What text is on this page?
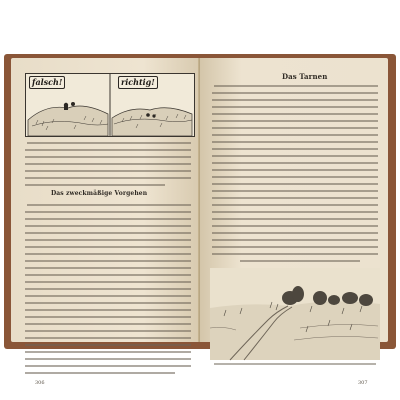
falsch!	richtig!
Das zweckmäßige Vorgehen
306
Das Tarnen
307
